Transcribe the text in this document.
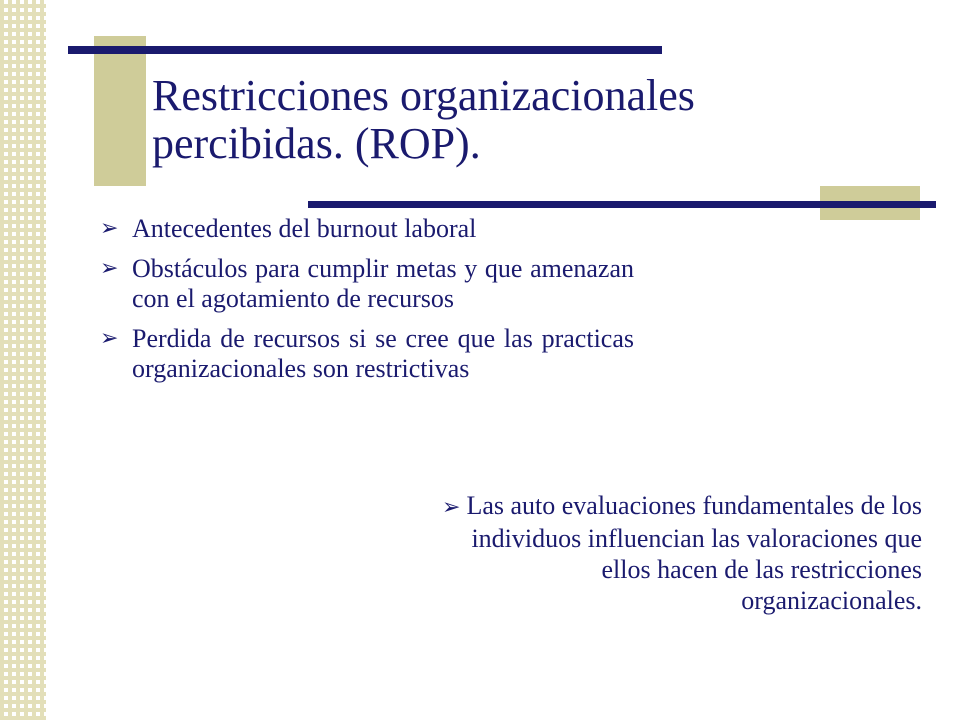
Restricciones organizacionales
percibidas. (ROP).
➢ Antecedentes del burnout laboral
➢ Obstáculos para cumplir metas y que amenazan con el agotamiento de recursos
➢ Perdida de recursos si se cree que las practicas organizacionales son restrictivas
➢ Las auto evaluaciones fundamentales de los individuos influencian las valoraciones que ellos hacen de las restricciones organizacionales.
